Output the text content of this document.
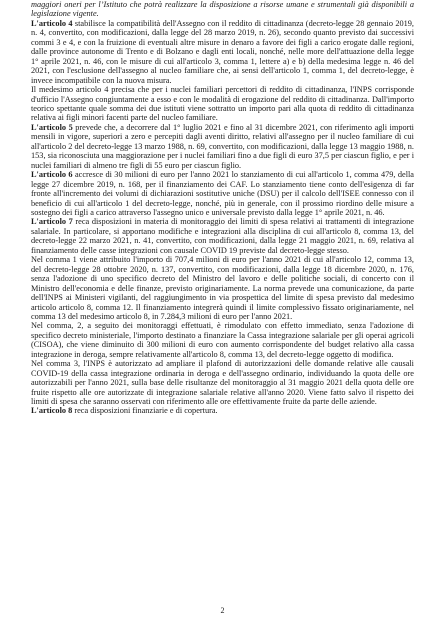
maggiori oneri per l’Istituto che potrà realizzare la disposizione a risorse umane e strumentali già disponibili a legislazione vigente.

L'articolo 4 stabilisce la compatibilità dell'Assegno con il reddito di cittadinanza (decreto-legge 28 gennaio 2019, n. 4, convertito, con modificazioni, dalla legge del 28 marzo 2019, n. 26), secondo quanto previsto dai successivi commi 3 e 4, e con la fruizione di eventuali altre misure in denaro a favore dei figli a carico erogate dalle regioni, dalle province autonome di Trento e di Bolzano e dagli enti locali, nonché, nelle more dell'attuazione della legge 1° aprile 2021, n. 46, con le misure di cui all'articolo 3, comma 1, lettere a) e b) della medesima legge n. 46 del 2021, con l'esclusione dell'assegno al nucleo familiare che, ai sensi dell'articolo 1, comma 1, del decreto-legge, è invece incompatibile con la nuova misura.

Il medesimo articolo 4 precisa che per i nuclei familiari percettori di reddito di cittadinanza, l'INPS corrisponde d'ufficio l'Assegno congiuntamente a esso e con le modalità di erogazione del reddito di cittadinanza. Dall'importo teorico spettante quale somma dei due istituti viene sottratto un importo pari alla quota di reddito di cittadinanza relativa ai figli minori facenti parte del nucleo familiare.

L'articolo 5 prevede che, a decorrere dal 1° luglio 2021 e fino al 31 dicembre 2021, con riferimento agli importi mensili in vigore, superiori a zero e percepiti dagli aventi diritto, relativi all'assegno per il nucleo familiare di cui all'articolo 2 del decreto-legge 13 marzo 1988, n. 69, convertito, con modificazioni, dalla legge 13 maggio 1988, n. 153, sia riconosciuta una maggiorazione per i nuclei familiari fino a due figli di euro 37,5 per ciascun figlio, e per i nuclei familiari di almeno tre figli di 55 euro per ciascun figlio.

L'articolo 6 accresce di 30 milioni di euro per l'anno 2021 lo stanziamento di cui all'articolo 1, comma 479, della legge 27 dicembre 2019, n. 168, per il finanziamento dei CAF. Lo stanziamento tiene conto dell'esigenza di far fronte all'incremento dei volumi di dichiarazioni sostitutive uniche (DSU) per il calcolo dell'ISEE connesso con il beneficio di cui all'articolo 1 del decreto-legge, nonché, più in generale, con il prossimo riordino delle misure a sostegno dei figli a carico attraverso l'assegno unico e universale previsto dalla legge 1° aprile 2021, n. 46.

L'articolo 7 reca disposizioni in materia di monitoraggio dei limiti di spesa relativi ai trattamenti di integrazione salariale. In particolare, si apportano modifiche e integrazioni alla disciplina di cui all'articolo 8, comma 13, del decreto-legge 22 marzo 2021, n. 41, convertito, con modificazioni, dalla legge 21 maggio 2021, n. 69, relativa al finanziamento delle casse integrazioni con causale COVID 19 previste dal decreto-legge stesso.

Nel comma 1 viene attribuito l'importo di 707,4 milioni di euro per l'anno 2021 di cui all'articolo 12, comma 13, del decreto-legge 28 ottobre 2020, n. 137, convertito, con modificazioni, dalla legge 18 dicembre 2020, n. 176, senza l'adozione di uno specifico decreto del Ministro del lavoro e delle politiche sociali, di concerto con il Ministro dell'economia e delle finanze, previsto originariamente. La norma prevede una comunicazione, da parte dell'INPS ai Ministeri vigilanti, del raggiungimento in via prospettica del limite di spesa previsto dal medesimo articolo articolo 8, comma 12. Il finanziamento integrerà quindi il limite complessivo fissato originariamente, nel comma 13 del medesimo articolo 8, in 7.284,3 milioni di euro per l'anno 2021.

Nel comma, 2, a seguito dei monitoraggi effettuati, è rimodulato con effetto immediato, senza l'adozione di specifico decreto ministeriale, l'importo destinato a finanziare la Cassa integrazione salariale per gli operai agricoli (CISOA), che viene diminuito di 300 milioni di euro con aumento corrispondente del budget relativo alla cassa integrazione in deroga, sempre relativamente all'articolo 8, comma 13, del decreto-legge oggetto di modifica.

Nel comma 3, l'INPS è autorizzato ad ampliare il plafond di autorizzazioni delle domande relative alle causali COVID-19 della cassa integrazione ordinaria in deroga e dell'assegno ordinario, individuando la quota delle ore autorizzabili per l'anno 2021, sulla base delle risultanze del monitoraggio al 31 maggio 2021 della quota delle ore fruite rispetto alle ore autorizzate di integrazione salariale relative all'anno 2020. Viene fatto salvo il rispetto dei limiti di spesa che saranno osservati con riferimento alle ore effettivamente fruite da parte delle aziende.

L'articolo 8 reca disposizioni finanziarie e di copertura.

2
